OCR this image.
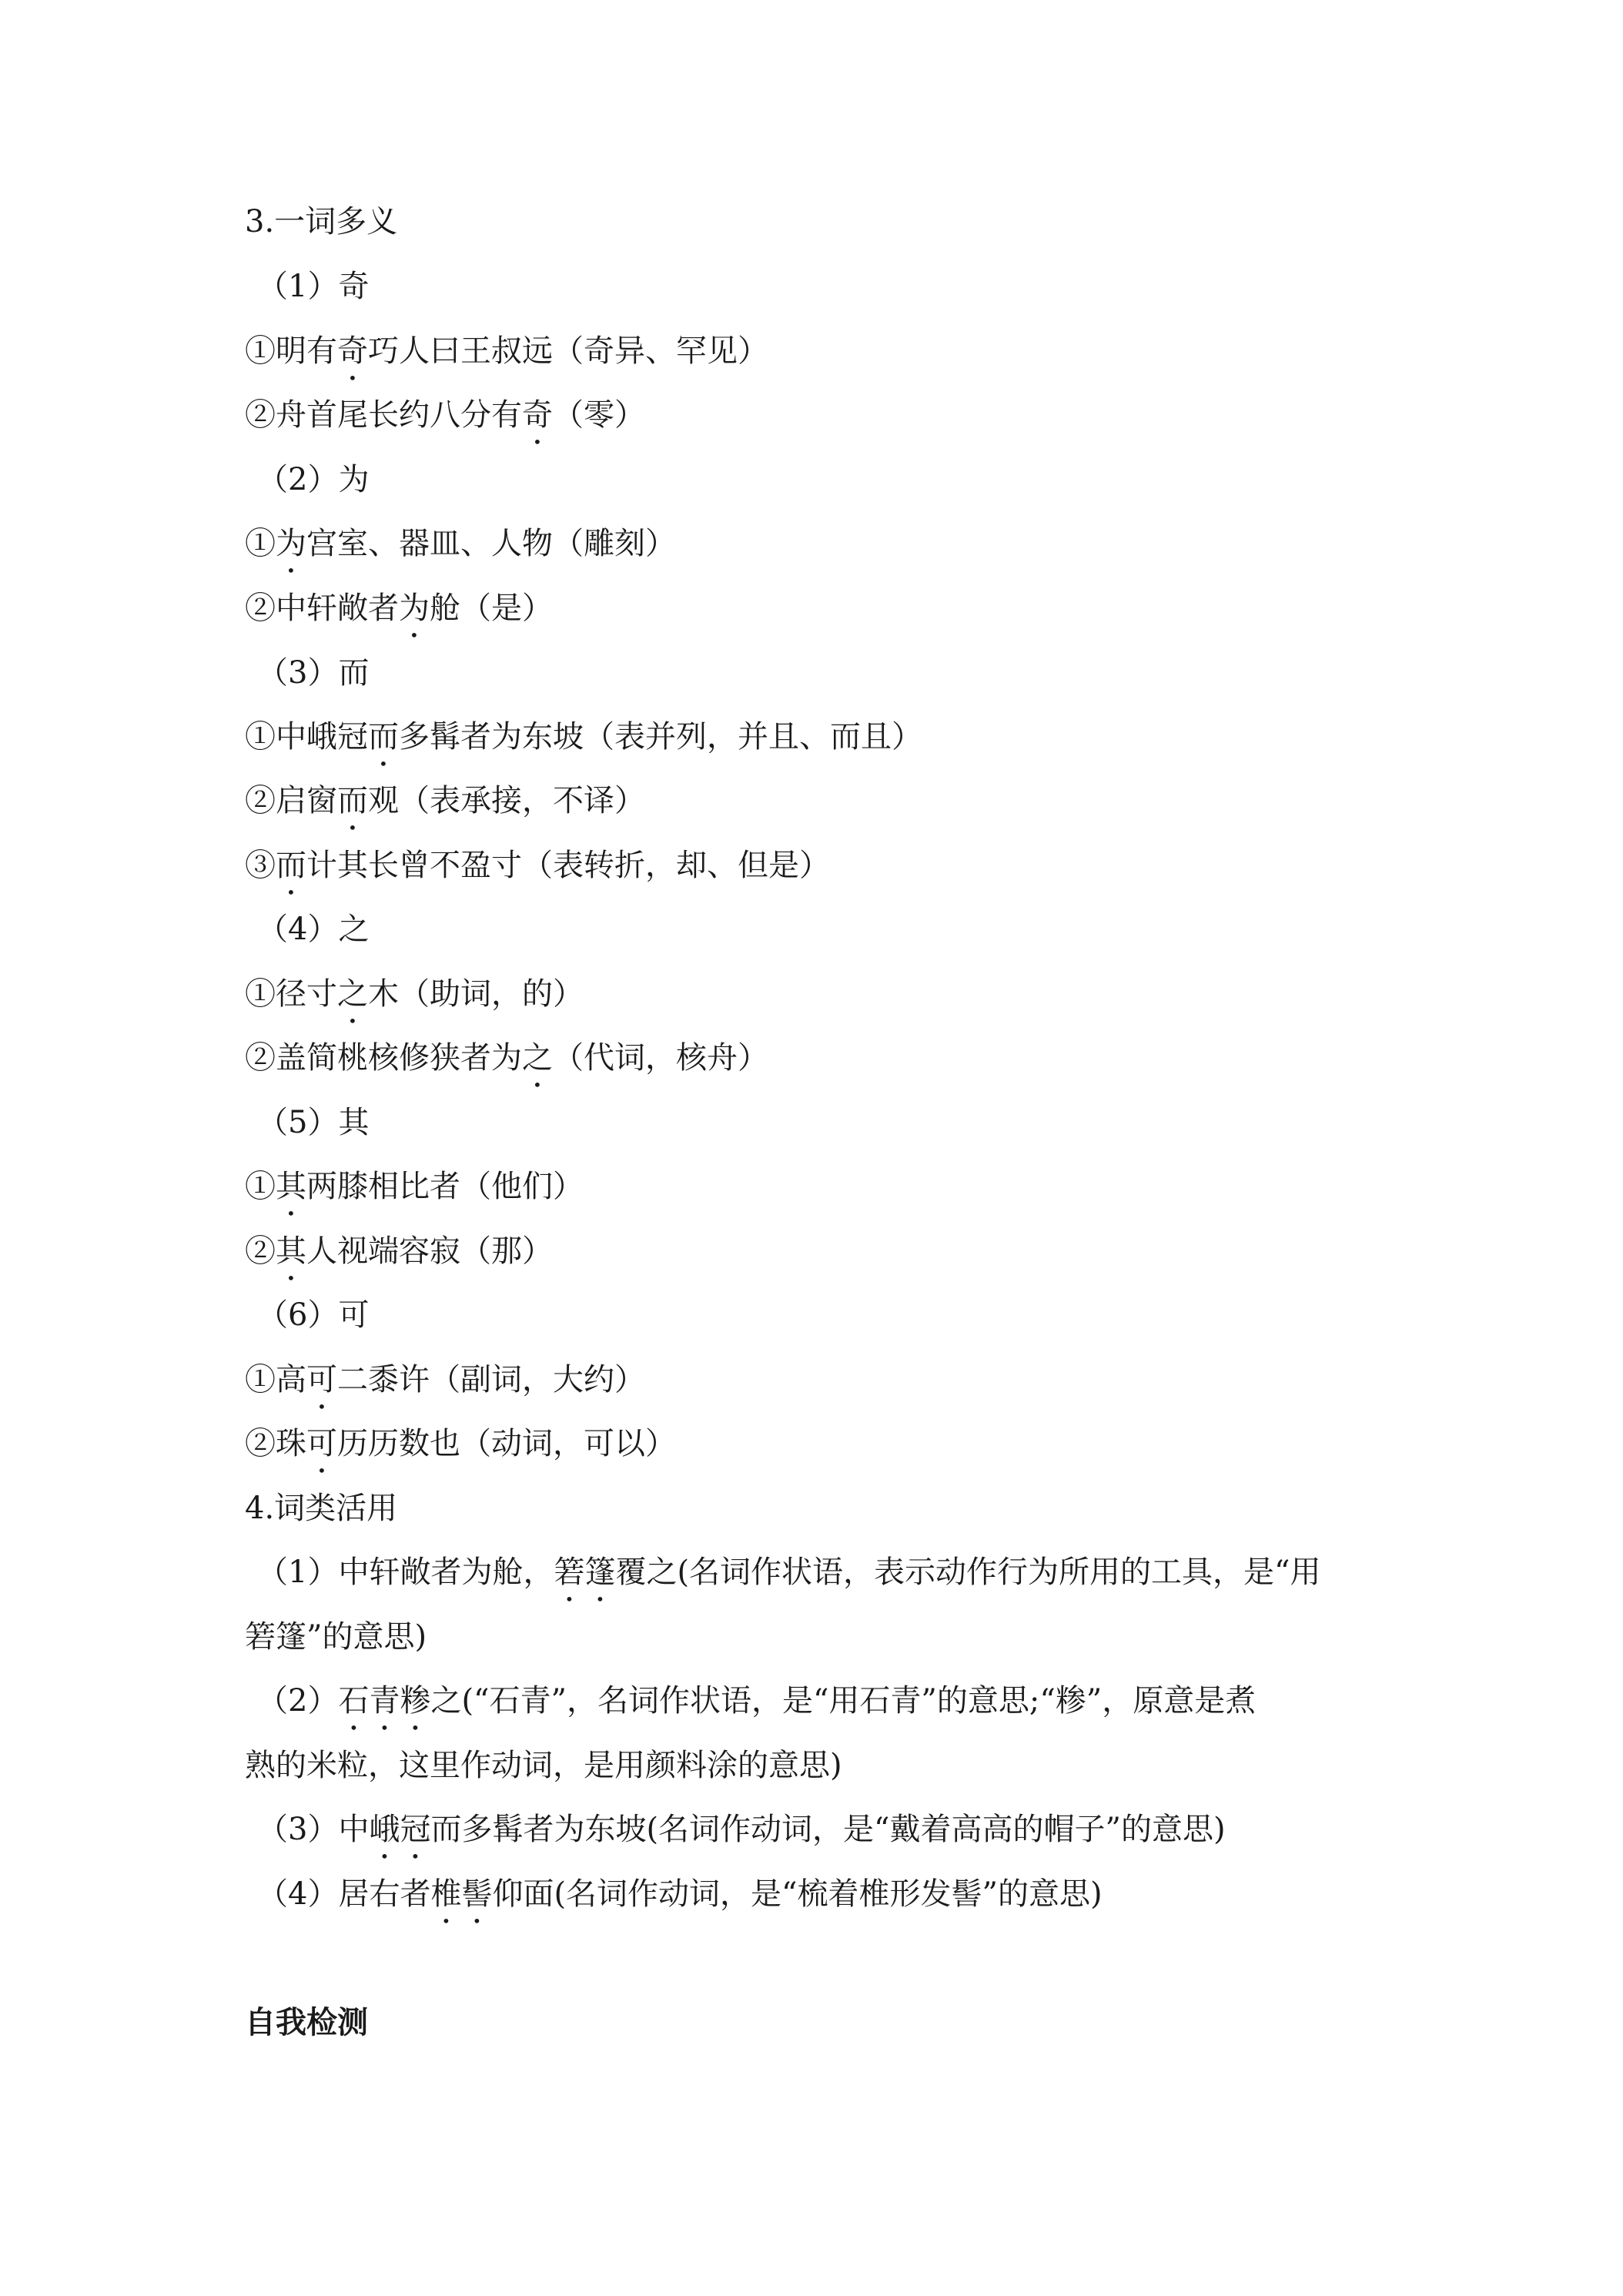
3.一词多义
（1）奇
①明有奇巧人曰王叔远（奇异、罕见）
②舟首尾长约八分有奇（零）
（2）为
①为宫室、器皿、人物（雕刻）
②中轩敞者为舱（是）
（3）而
①中峨冠而多髯者为东坡（表并列，并且、而且）
②启窗而观（表承接，不译）
③而计其长曾不盈寸（表转折，却、但是）
（4）之
①径寸之木（助词，的）
②盖简桃核修狭者为之（代词，核舟）
（5）其
①其两膝相比者（他们）
②其人视端容寂（那）
（6）可
①高可二黍许（副词，大约）
②珠可历历数也（动词，可以）
4.词类活用
（1）中轩敞者为舱，箬篷覆之(名词作状语，表示动作行为所用的工具，是“用
箬篷”的意思)
（2）石青糁之(“石青”，名词作状语，是“用石青”的意思;“糁”，原意是煮
熟的米粒，这里作动词，是用颜料涂的意思)
（3）中峨冠而多髯者为东坡(名词作动词，是“戴着高高的帽子”的意思)
（4）居右者椎髻仰面(名词作动词，是“梳着椎形发髻”的意思)
自我检测
